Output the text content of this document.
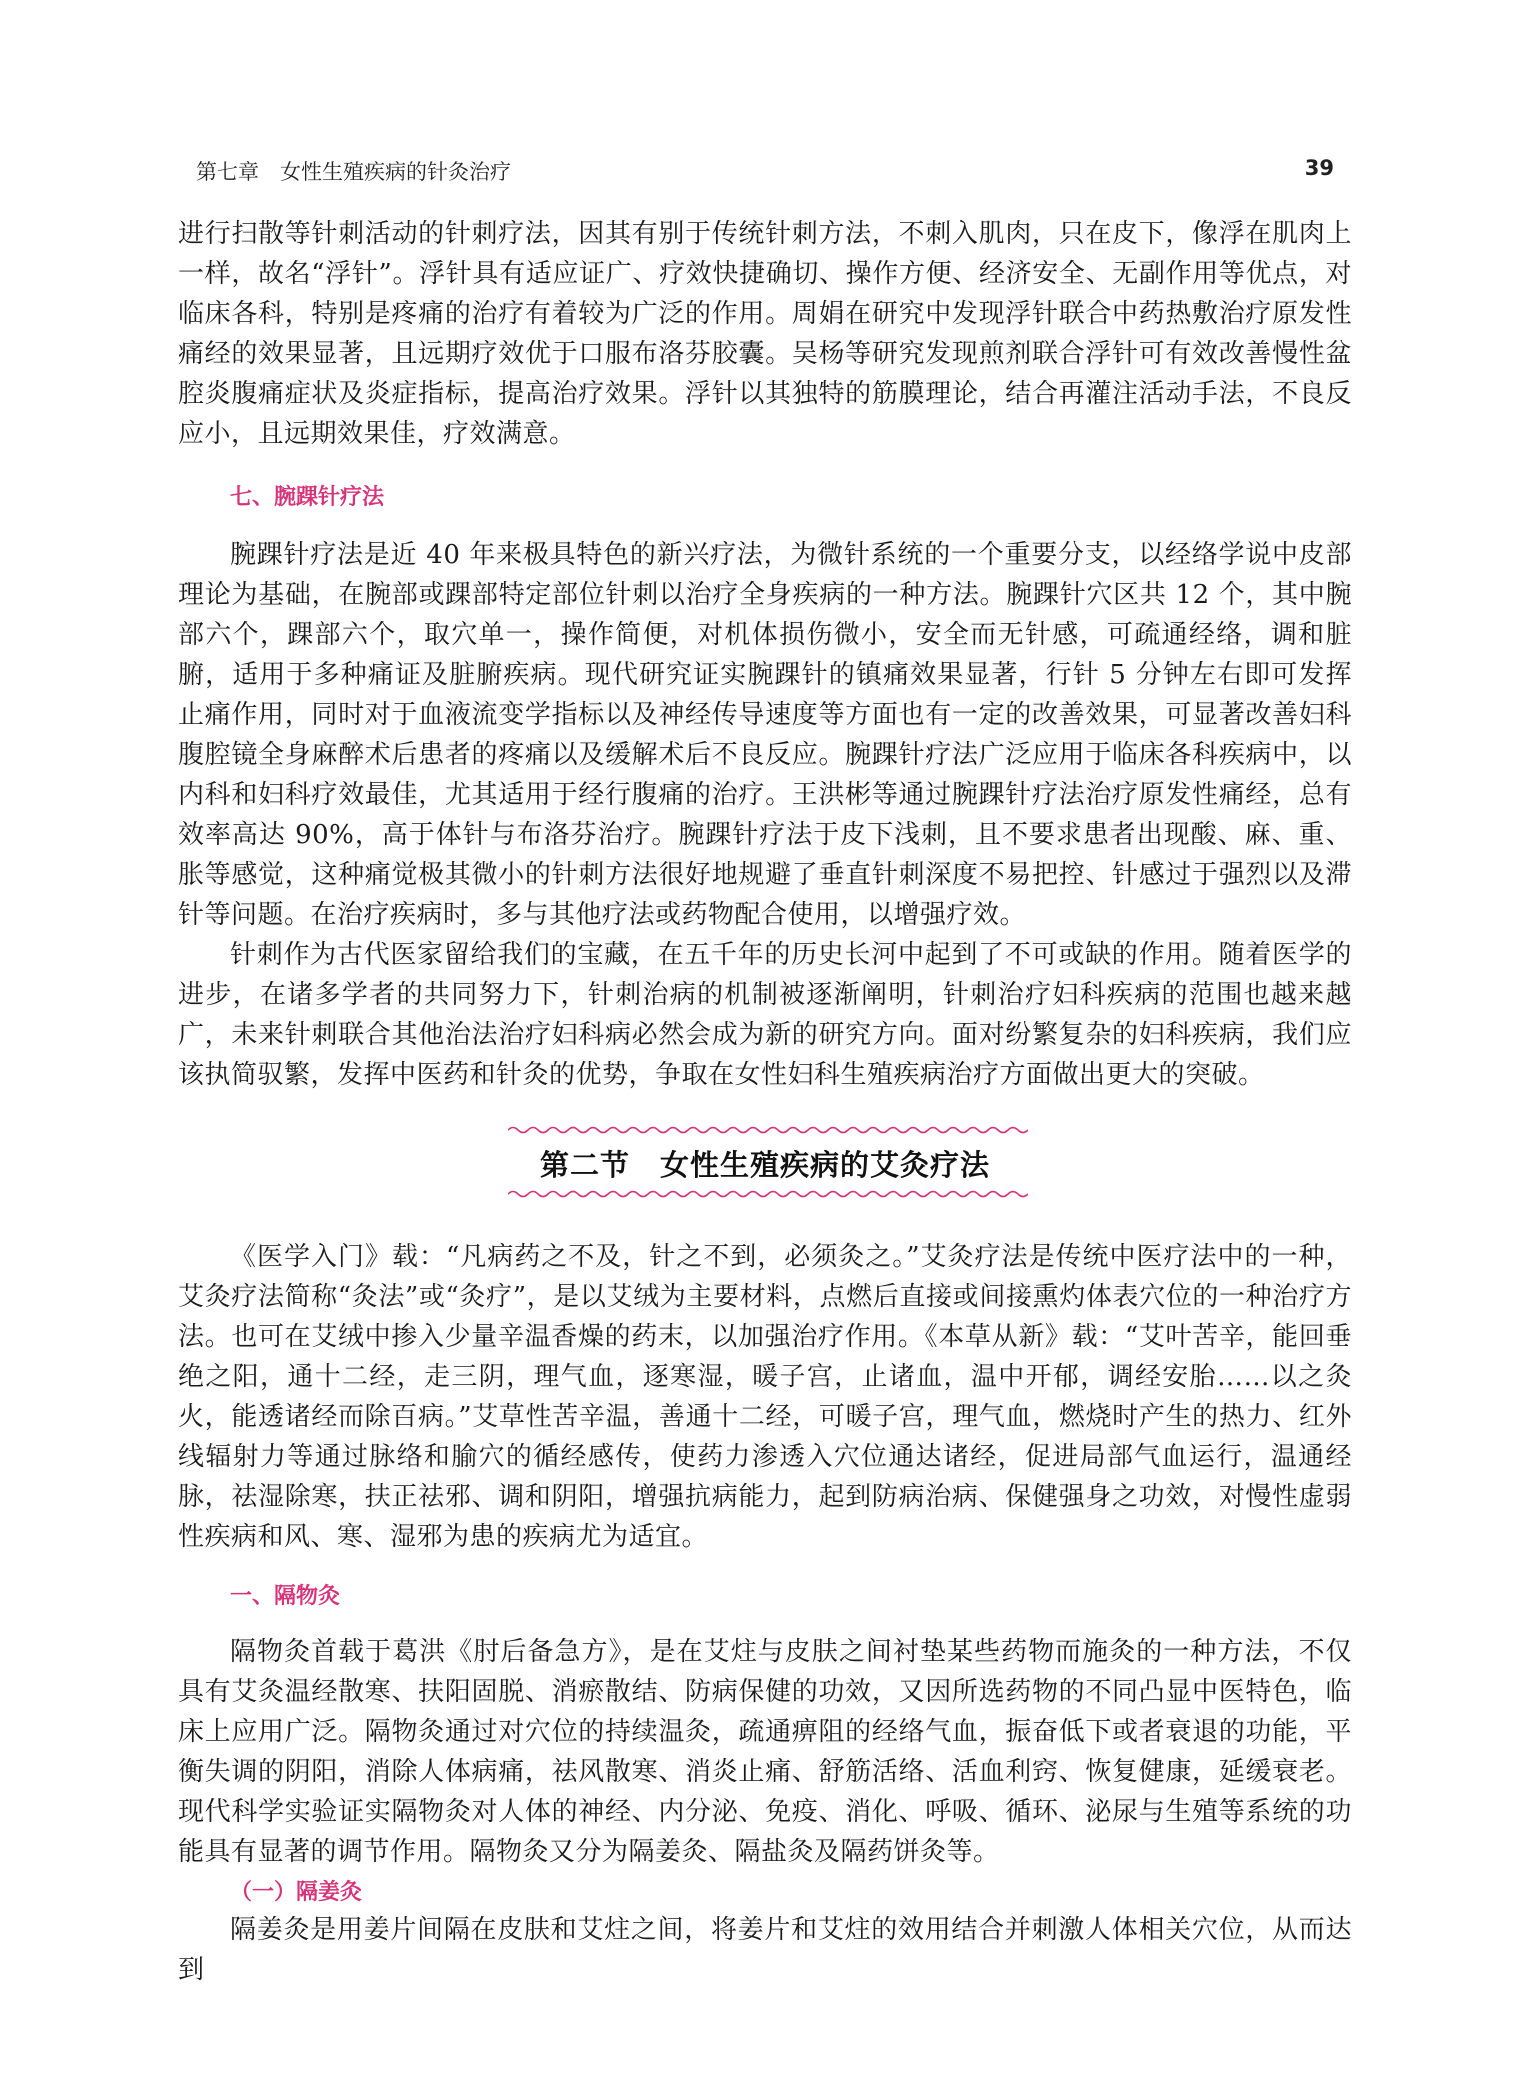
第七章　女性生殖疾病的针灸治疗	39

进行扫散等针刺活动的针刺疗法，因其有别于传统针刺方法，不刺入肌肉，只在皮下，像浮在肌肉上一样，故名“浮针”。浮针具有适应证广、疗效快捷确切、操作方便、经济安全、无副作用等优点，对临床各科，特别是疼痛的治疗有着较为广泛的作用。周娟在研究中发现浮针联合中药热敷治疗原发性痛经的效果显著，且远期疗效优于口服布洛芬胶囊。吴杨等研究发现煎剂联合浮针可有效改善慢性盆腔炎腹痛症状及炎症指标，提高治疗效果。浮针以其独特的筋膜理论，结合再灌注活动手法，不良反应小，且远期效果佳，疗效满意。

七、腕踝针疗法

腕踝针疗法是近 40 年来极具特色的新兴疗法，为微针系统的一个重要分支，以经络学说中皮部理论为基础，在腕部或踝部特定部位针刺以治疗全身疾病的一种方法。腕踝针穴区共 12 个，其中腕部六个，踝部六个，取穴单一，操作简便，对机体损伤微小，安全而无针感，可疏通经络，调和脏腑，适用于多种痛证及脏腑疾病。现代研究证实腕踝针的镇痛效果显著，行针 5 分钟左右即可发挥止痛作用，同时对于血液流变学指标以及神经传导速度等方面也有一定的改善效果，可显著改善妇科腹腔镜全身麻醉术后患者的疼痛以及缓解术后不良反应。腕踝针疗法广泛应用于临床各科疾病中，以内科和妇科疗效最佳，尤其适用于经行腹痛的治疗。王洪彬等通过腕踝针疗法治疗原发性痛经，总有效率高达 90%，高于体针与布洛芬治疗。腕踝针疗法于皮下浅刺，且不要求患者出现酸、麻、重、胀等感觉，这种痛觉极其微小的针刺方法很好地规避了垂直针刺深度不易把控、针感过于强烈以及滞针等问题。在治疗疾病时，多与其他疗法或药物配合使用，以增强疗效。

针刺作为古代医家留给我们的宝藏，在五千年的历史长河中起到了不可或缺的作用。随着医学的进步，在诸多学者的共同努力下，针刺治病的机制被逐渐阐明，针刺治疗妇科疾病的范围也越来越广，未来针刺联合其他治法治疗妇科病必然会成为新的研究方向。面对纷繁复杂的妇科疾病，我们应该执简驭繁，发挥中医药和针灸的优势，争取在女性妇科生殖疾病治疗方面做出更大的突破。

第二节　女性生殖疾病的艾灸疗法

《医学入门》载：“凡病药之不及，针之不到，必须灸之。”艾灸疗法是传统中医疗法中的一种，艾灸疗法简称“灸法”或“灸疗”，是以艾绒为主要材料，点燃后直接或间接熏灼体表穴位的一种治疗方法。也可在艾绒中掺入少量辛温香燥的药末，以加强治疗作用。《本草从新》载：“艾叶苦辛，能回垂绝之阳，通十二经，走三阴，理气血，逐寒湿，暖子宫，止诸血，温中开郁，调经安胎……以之灸火，能透诸经而除百病。”艾草性苦辛温，善通十二经，可暖子宫，理气血，燃烧时产生的热力、红外线辐射力等通过脉络和腧穴的循经感传，使药力渗透入穴位通达诸经，促进局部气血运行，温通经脉，祛湿除寒，扶正祛邪、调和阴阳，增强抗病能力，起到防病治病、保健强身之功效，对慢性虚弱性疾病和风、寒、湿邪为患的疾病尤为适宜。

一、隔物灸

隔物灸首载于葛洪《肘后备急方》，是在艾炷与皮肤之间衬垫某些药物而施灸的一种方法，不仅具有艾灸温经散寒、扶阳固脱、消瘀散结、防病保健的功效，又因所选药物的不同凸显中医特色，临床上应用广泛。隔物灸通过对穴位的持续温灸，疏通痹阻的经络气血，振奋低下或者衰退的功能，平衡失调的阴阳，消除人体病痛，祛风散寒、消炎止痛、舒筋活络、活血利窍、恢复健康，延缓衰老。现代科学实验证实隔物灸对人体的神经、内分泌、免疫、消化、呼吸、循环、泌尿与生殖等系统的功能具有显著的调节作用。隔物灸又分为隔姜灸、隔盐灸及隔药饼灸等。

（一）隔姜灸

隔姜灸是用姜片间隔在皮肤和艾炷之间，将姜片和艾炷的效用结合并刺激人体相关穴位，从而达到
